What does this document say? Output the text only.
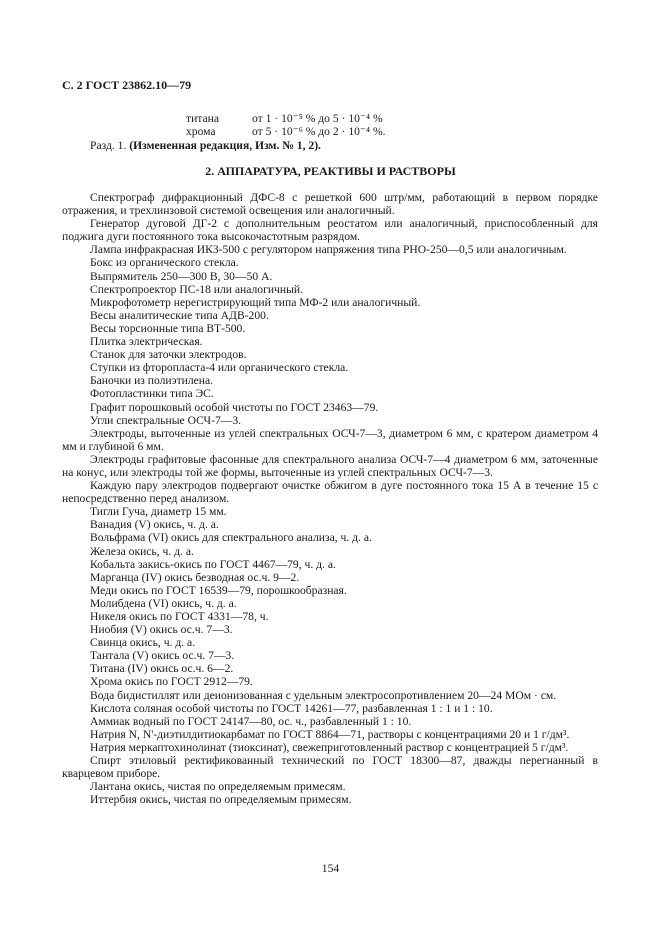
С. 2 ГОСТ 23862.10—79
титана	от 1 · 10⁻⁵ % до 5 · 10⁻⁴ %
хрома	от 5 · 10⁻⁶ % до 2 · 10⁻⁴ %.
Разд. 1. (Измененная редакция, Изм. № 1, 2).
2. АППАРАТУРА, РЕАКТИВЫ И РАСТВОРЫ

Спектрограф дифракционный ДФС-8 с решеткой 600 штр/мм, работающий в первом порядке отражения, и трехлинзовой системой освещения или аналогичный.

Генератор дуговой ДГ-2 с дополнительным реостатом или аналогичный, приспособленный для поджига дуги постоянного тока высокочастотным разрядом.

Лампа инфракрасная ИКЗ-500 с регулятором напряжения типа РНО-250—0,5 или аналогичным.

Бокс из органического стекла.

Выпрямитель 250—300 В, 30—50 А.

Спектропроектор ПС-18 или аналогичный.

Микрофотометр нерегистрирующий типа МФ-2 или аналогичный.

Весы аналитические типа АДВ-200.

Весы торсионные типа ВТ-500.

Плитка электрическая.

Станок для заточки электродов.

Ступки из фторопласта-4 или органического стекла.

Баночки из полиэтилена.

Фотопластинки типа ЭС.

Графит порошковый особой чистоты по ГОСТ 23463—79.

Угли спектральные ОСЧ-7—3.

Электроды, выточенные из углей спектральных ОСЧ-7—3, диаметром 6 мм, с кратером диаметром 4 мм и глубиной 6 мм.

Электроды графитовые фасонные для спектрального анализа ОСЧ-7—4 диаметром 6 мм, заточенные на конус, или электроды той же формы, выточенные из углей спектральных ОСЧ-7—3.

Каждую пару электродов подвергают очистке обжигом в дуге постоянного тока 15 А в течение 15 с непосредственно перед анализом.

Тигли Гуча, диаметр 15 мм.

Ванадия (V) окись, ч. д. а.

Вольфрама (VI) окись для спектрального анализа, ч. д. а.

Железа окись, ч. д. а.

Кобальта закись-окись по ГОСТ 4467—79, ч. д. а.

Марганца (IV) окись безводная ос.ч. 9—2.

Меди окись по ГОСТ 16539—79, порошкообразная.

Молибдена (VI) окись, ч. д. а.

Никеля окись по ГОСТ 4331—78, ч.

Ниобия (V) окись ос.ч. 7—3.

Свинца окись, ч. д. а.

Тантала (V) окись ос.ч. 7—3.

Титана (IV) окись ос.ч. 6—2.

Хрома окись по ГОСТ 2912—79.

Вода бидистиллят или деионизованная с удельным электросопротивлением 20—24 МОм · см.

Кислота соляная особой чистоты по ГОСТ 14261—77, разбавленная 1 : 1 и 1 : 10.

Аммиак водный по ГОСТ 24147—80, ос. ч., разбавленный 1 : 10.

Натрия N, N'-диэтилдитиокарбамат по ГОСТ 8864—71, растворы с концентрациями 20 и 1 г/дм³.

Натрия меркаптохинолинат (тиоксинат), свежеприготовленный раствор с концентрацией 5 г/дм³.

Спирт этиловый ректификованный технический по ГОСТ 18300—87, дважды перегнанный в кварцевом приборе.

Лантана окись, чистая по определяемым примесям.

Иттербия окись, чистая по определяемым примесям.

154
